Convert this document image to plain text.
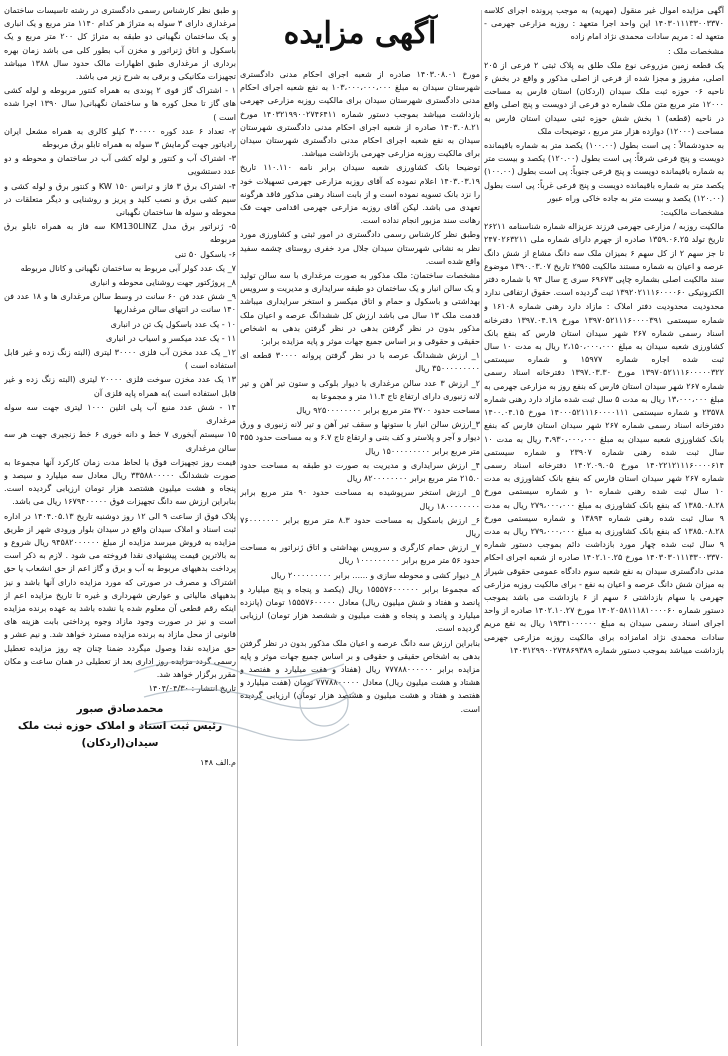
آگهی مزایده اموال غیر منقول (مهریه) به موجب پرونده اجرای کلاسه ۱۴۰۳۰۱۱۱۳۳۰۰۳۳۷۰ این واحد اجرا متعهد : روزبه مزارعی جهرمی - متعهد له : مریم سادات محمدی نژاد امام زاده
مشخصات ملک :
یک قطعه زمین مزروعی نوع ملک طلق به پلاک ثبتی ۲ فرعی از ۲۰۵ اصلی، مفروز و مجزا شده از فرعی از اصلی مذکور و واقع در بخش ۶ ناحیه ۰۶ حوزه ثبت ملک سیدان (اردکان) استان فارس به مساحت ۱۲۰۰۰ متر مربع متن ملک شماره دو فرعی از دویست و پنج اصلی واقع در ناحیه (قطعه) ۱ بخش شش حوزه ثبتی سیدان استان فارس به مساحت (۱۲۰۰۰) دوازده هزار متر مربع ، توضیحات ملک
به حدودشمالاً : پی است بطول (۱۰۰.۰۰) یکصد متر به شماره باقیمانده دویست و پنج فرعی شرقاً: پی است بطول (۱۲۰.۰۰) یکصد و بیست متر به شماره باقیمانده دویست و پنج فرعی جنوباً: پی است بطول (۱۰۰.۰۰) یکصد متر به شماره باقیمانده دویست و پنج فرعی غرباً: پی است بطول (۱۲۰.۰۰) یکصد و بیست متر به جاده خاکی وراه عبور
مشخصات مالکیت:
مالکیت روزبه / مزارعی جهرمی فرزند عزیزاله شماره شناسنامه ۲۶۲۱۱ تاریخ تولد ۱۳۵۹.۰۶.۲۵ صادره از جهرم دارای شماره ملی ۲۴۷۰۲۶۳۲۱۱ تا جز سهم ۲ از کل سهم ۶ بمیزان ملک سه دانگ مشاع از شش دانگ عرصه و اعیان به شماره مستند مالکیت ۲۹۵۵ تاریخ ۱۳۹۰.۰۳.۰۷ موضوع سند مالکیت اصلی بشماره چاپی ۶۹۶۷۳ سری ج سال ۹۴ با شماره دفتر الکترونیکی ۱۳۹۲۰۲۱۱۱۶۰۰۰۰۶۰ ثبت گردیده است. حقوق ارتفاقی ندارد
محدودیت محدودیت دفتر املاک : مازاد دارد رهنی شماره ۱۶۱۰۸ و شماره سیستمی ۱۳۹۷۰۵۲۱۱۱۶۰۰۰۰۳۹۱ مورخ ۱۳۹۷.۰۴.۱۹ دفترخانه اسناد رسمی شماره ۲۶۷ شهر سیدان استان فارس که بنفع بانک کشاورزی شعبه سیدان به مبلغ ۲،۱۵۰،۰۰۰،۰۰۰ ریال به مدت ۱۰ سال ثبت شده اجاره شماره ۱۵۹۷۷ و شماره سیستمی ۱۳۹۷۰۵۲۱۱۱۶۰۰۰۰۰۳۲۲ مورخ ۱۳۹۷.۰۳.۳۰ دفترخانه اسناد رسمی شماره ۲۶۷ شهر سیدان استان فارس که بنفع روز به مزارعی جهرمی به مبلغ ۱۳،۰۰۰،۰۰۰ ریال به مدت ۵ سال ثبت شده مازاد دارد رهنی شماره ۲۳۵۷۸ و شماره سیستمی ۱۴۰۰۰۵۲۱۱۱۶۰۰۰۰۱۱۱ مورخ ۱۴۰۰.۰۴.۱۵ دفترخانه اسناد رسمی شماره ۲۶۷ شهر سیدان استان فارس که بنفع بانک کشاورزی شعبه سیدان به مبلغ ۴،۹۳۰،۰۰۰،۰۰۰ ریال به مدت ۱۰ سال ثبت شده رهنی شماره ۲۳۹۰۷ و شماره سیستمی ۱۴۰۲۲۱۲۱۱۱۶۰۰۰۰۶۱۴ مورخ ۱۴۰۲.۰۹.۰۵ دفترخانه اسناد رسمی شماره ۲۶۷ شهر سیدان استان فارس که بنفع بانک کشاورزی به مدت ۱۰ سال ثبت شده رهنی شماره -۱ و شماره سیستمی مورخ ۱۳۸۵.۰۸.۲۸ که بنفع بانک کشاورزی به مبلغ ۲۷۹،۰۰۰،۰۰۰ ریال به مدت ۹ سال ثبت شده رهنی شماره ۱۳۸۹۴ و شماره سیستمی مورخ ۱۳۸۵.۰۸.۲۸ که بنفع بانک کشاورزی به مبلغ ۲۷۹،۰۰۰،۰۰۰ ریال به مدت ۹ سال ثبت شده چهار مورد بازداشت دائم بموجب دستور شماره ۱۴۰۳۰۳۰۱۱۱۳۳۰۰۳۳۷۰ مورخ ۱۴۰۲.۱۰.۲۵ صادره از شعبه اجرای احکام مدنی دادگستری سیدان به نفع شعبه سوم دادگاه عمومی حقوقی شیراز به میزان شش دانگ عرصه و اعیان به نفع - برای مالکیت روزبه مزارعی جهرمی با سهام بازداشتی ۶ سهم از ۶ بازداشت می باشد بموجب دستور شماره ۱۴۰۲۰۵۸۱۱۱۸۱۰۰۰۰۶۰ مورخ ۱۴۰۲.۱۰.۲۷ صادره از واحد اجرای اسناد رسمی سیدان به مبلغ ۱۹۳۴۱۰۰۰۰۰۰ ریال به نفع مریم سادات محمدی نژاد امامزاده برای مالکیت روزبه مزارعی جهرمی بازداشت میباشد بموجب دستور شماره ۱۴۰۳۱۲۹۹۰۰۲۷۴۸۶۹۳۸۹
آگهی مزایده
مورخ ۱۴۰۳.۰۸.۰۱ صادره از شعبه اجرای احکام مدنی دادگستری شهرستان سیدان به مبلغ ۱۰۳،۰۰۰،۰۰۰،۰۰۰ به نفع شعبه اجرای احکام مدنی دادگستری شهرستان سیدان برای مالکیت روزبه مزارعی جهرمی بازداشت میباشد بموجب دستور شماره ۱۴۰۳۲۱۹۹۰۰۲۷۴۶۴۱۱ مورخ ۱۴۰۳.۰۸.۲۱ صادره از شعبه اجرای احکام مدنی دادگستری شهرستان سیدان به نفع شعبه اجرای احکام مدنی دادگستری شهرستان سیدان برای مالکیت روزبه مزارعی جهرمی بازداشت میباشد.
توضیحا بانک کشاورزی شعبه سیدان برابر نامه ۱۱۰.۱۱۰ تاریخ ۱۴۰۳.۰۳.۱۹ اعلام نموده که آقای روزبه مزارعی جهرمی تسهیلات خود را نزد بانک تسویه نموده است و از بابت اسناد رهنی مذکور فاقد هرگونه تعهدی می باشد. لیکن آقای روزبه مزارعی جهرمی اقدامی جهت فک رهانت سند مزبور انجام نداده است.
وطبق نظر کارشناس رسمی دادگستری در امور ثبتی و کشاورزی مورد نظر به نشانی شهرستان سیدان جلال مرد خفری روستای چشمه سفید واقع شده است.
مشخصات ساختمان: ملک مذکور به صورت مرغداری با سه سالن تولید و یک سالن انبار و یک ساختمان دو طبقه سرایداری و مدیریت و سرویس بهداشتی و باسکول و حمام و اتاق میکسر و استخر سرایداری میباشد قدمت ملک ۱۳ سال می باشد ارزش کل ششدانگ عرصه و اعیان ملک مذکور بدون در نظر گرفتن بدهی در نظر گرفتن بدهی به اشخاص حقیقی و حقوقی و بر اساس جمیع جهات موثر و پایه مزایده برابر:
۱_ ارزش ششدانگ عرصه با در نظر گرفتن پروانه ۳۰۰۰۰ قطعه ای ۳۵۰۰۰۰۰۰۰۰۰ ریال
۲_ ارزش ۳ عدد سالن مرغداری با دیوار بلوکی و ستون تیر آهن و تیر لانه زنبوری دارای ارتفاع تاج ۱۱.۴ متر و مجموعا به
مساحت حدود ۳۷۰۰ متر مربع برابر ۹۲۵۰۰۰۰۰۰۰۰ ریال
۳_ارزش سالن انبار با ستونها و سقف تیر آهن و تیر لانه زنبوری و ورق دیوار و آجر و پلاستر و کف بتنی و ارتفاع تاج ۶.۷ و به مساحت حدود ۴۵۵ متر مربع برابر ۱۵۰۰۰۰۰۰۰۰۰ ریال
۴_ ارزش سرایداری و مدیریت به صورت دو طبقه به مساحت حدود ۲۱۵.۰ متر مربع برابر ۸۲۰۰۰۰۰۰۰۰ ریال
۵_ ارزش استخر سرپوشیده به مساحت حدود ۹۰ متر مربع برابر ۱۸۰۰۰۰۰۰۰۰ ریال
۶_ ارزش باسکول به مساحت حدود ۸.۳ متر مربع برابر ۷۶۰۰۰۰۰۰۰ ریال
۷_ ارزش حمام کارگری و سرویس بهداشتی و اتاق ژنراتور به مساحت حدود ۵۶ متر مربع برابر ۱۰۰۰۰۰۰۰۰۰ ریال
۸_ دیوار کشی و محوطه سازی و ...... برابر ۲۰۰۰۰۰۰۰۰۰ ریال
که مجموعا برابر ۱۵۵۵۷۶۰۰۰۰۰۰ ریال (یکصد و پنجاه و پنج میلیارد و پانصد و هفتاد و شش میلیون ریال) معادل ۱۵۵۵۷۶۰۰۰۰۰ تومان (پانزده میلیارد و پانصد و پنجاه و هفت میلیون و ششصد هزار تومان) ارزیابی گردیده است.
بنابراین ارزش سه دانگ عرصه و اعیان ملک مذکور بدون در نظر گرفتن بدهی به اشخاص حقیقی و حقوقی و بر اساس جمیع جهات موثر و پایه مزایده برابر ۷۷۷۸۸۰۰۰۰۰۰ ریال (هفتاد و هفت میلیارد و هفتصد و هشتاد و هشت میلیون ریال) معادل ۷۷۷۸۸۰۰۰۰۰ تومان (هفت میلیارد و هفتصد و هفتاد و هشت میلیون و هشتصد هزار تومان) ارزیابی گردیده است.
و طبق نظر کارشناس رسمی دادگستری در رشته تاسیسات ساختمان مرغداری دارای ۳ سوله به متراژ هر کدام ۱۱۴۰ متر مربع و یک انباری و یک ساختمان نگهبانی دو طبقه به متراژ کل ۲۰۰ متر مربع و یک باسکول و اتاق ژنراتور و مخزن آب بطور کلی می باشد زمان بهره برداری از مرغداری طبق اظهارات مالک حدود سال ۱۳۸۸ میباشد تجهیزات مکانیکی و برقی به شرح زیر می باشد.
۱ - اشتراک گاز قوی ۲ پوندی به همراه کنتور مربوطه و لوله کشی های گاز تا محل کوره ها و ساختمان نگهبانی( سال ۱۳۹۰ اجرا شده است )
۲- تعداد ۶ عدد کوره ۳۰۰۰۰۰ کیلو کالری به همراه مشعل ایران رادیاتور جهت گرمایش ۳ سوله به همراه تابلو برق مربوطه
۳- اشتراک آب و کنتور و لوله کشی آب در ساختمان و محوطه و دو عدد دستشویی
۴- اشتراک برق ۳ فاز و ترانس ۱۵۰ KW و کنتور برق و لوله کشی و سیم کشی برق و نصب کلید و پریز و روشنایی و دیگر متعلقات در محوطه و سوله ها ساختمان نگهبانی
۵- ژنراتور برق مدل KM130LINZ سه فاز به همراه تابلو برق مربوطه
۶- باسکول ۵۰ تنی
۷_ یک عدد کولر آبی مربوط به ساختمان نگهبانی و کانال مربوطه
۸_ پروژکتور جهت روشنایی محوطه و انباری
۹_ شش عدد فن ۶۰ سانت در وسط سالن مرغداری ها و ۱۸ عدد فن ۱۴۰ سانت در انتهای سالن مرغداریها
۱۰ - یک عدد باسکول یک تن در انباری
۱۱ - یک عدد میکسر و اسیاب در انباری
۱۲_ یک عدد مخزن آب فلزی ۳۰۰۰۰ لیتری (البته زنگ زده و غیر قابل استفاده است )
۱۳ یک عدد مخزن سوخت فلزی ۲۰۰۰۰ لیتری (البته زنگ زده و غیر قابل استفاده است )به همراه پایه فلزی آن
۱۴ - شش عدد منبع آب پلی اتلین ۱۰۰۰ لیتری جهت سه سوله مرغداری
۱۵ سیستم آبخوری ۷ خط و دانه خوری ۶ خط زنجیری جهت هر سه سالن مرغداری
قیمت روز تجهیزات فوق با لحاظ مدت زمان کارکرد آنها مجموعا به صورت ششدانگ ۳۳۵۸۸۰۰۰۰۰ ریال معادل سه میلیارد و سیصد و پنجاه و هشت میلیون هشتصد هزار تومان ارزیابی گردیده است. بنابراین ارزش سه دانگ تجهیزات فوق ۱۶۷۹۴۰۰۰۰۰ ریال می باشد.
پلاک فوق از ساعت ۹ الی ۱۲ روز دوشنبه تاریخ ۱۴۰۴.۰۵.۱۳ در اداره ثبت اسناد و املاک سیدان واقع در سیدان بلوار ورودی شهر از طریق مزایده به فروش میرسد مزایده از مبلغ ۹۴۵۸۲۰۰۰۰۰۰ ریال شروع و به بالاترین قیمت پیشنهادی نقدا فروخته می شود . لازم به ذکر است پرداخت بدهیهای مربوط به آب و برق و گاز اعم از حق انشعاب یا حق اشتراک و مصرف در صورتی که مورد مزایده دارای آنها باشد و نیز بدهیهای مالیاتی و عوارض شهرداری و غیره تا تاریخ مزایده اعم از اینکه رقم قطعی آن معلوم شده یا نشده باشد به عهده برنده مزایده است و نیز در صورت وجود مازاد وجوه پرداختی بابت هزینه های قانونی از محل مازاد به برنده مزایده مسترد خواهد شد. و نیم عشر و حق مزایده نقدا وصول میگردد ضمنا چنان چه روز مزایده تعطیل رسمی گردد مزایده روز اداری بعد از تعطیلی در همان ساعت و مکان مقرر برگزار خواهد شد.
تاریخ انتشار : ۱۴۰۴/۰۴/۳۰
محمدصادق صبور
رئیس ثبت اسناد و املاک حوزه ثبت ملک سیدان(اردکان)
م.الف ۱۴۸
